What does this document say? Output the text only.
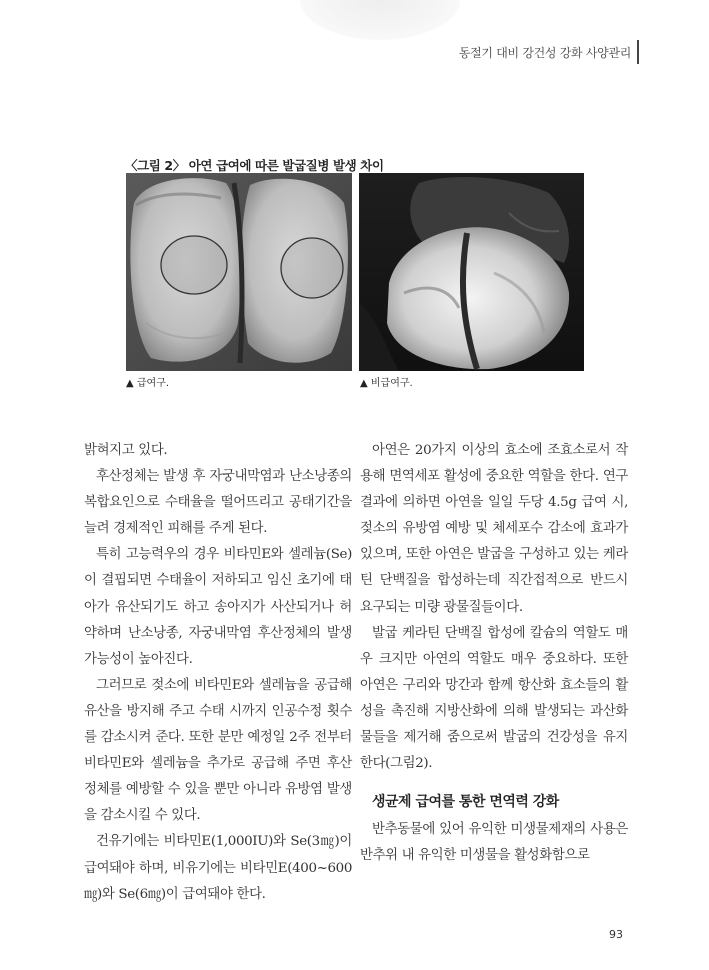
동절기 대비 강건성 강화 사양관리
〈그림 2〉 아연 급여에 따른 발굽질병 발생 차이
▲ 급여구.	▲ 비급여구.

밝혀지고 있다.

후산정체는 발생 후 자궁내막염과 난소낭종의 복합요인으로 수태율을 떨어뜨리고 공태기간을 늘려 경제적인 피해를 주게 된다.

특히 고능력우의 경우 비타민E와 셀레늄(Se)이 결핍되면 수태율이 저하되고 임신 초기에 태아가 유산되기도 하고 송아지가 사산되거나 허약하며 난소낭종, 자궁내막염 후산정체의 발생 가능성이 높아진다.

그러므로 젖소에 비타민E와 셀레늄을 공급해 유산을 방지해 주고 수태 시까지 인공수정 횟수를 감소시켜 준다. 또한 분만 예정일 2주 전부터 비타민E와 셀레늄을 추가로 공급해 주면 후산정체를 예방할 수 있을 뿐만 아니라 유방염 발생을 감소시킬 수 있다.

건유기에는 비타민E(1,000IU)와 Se(3㎎)이 급여돼야 하며, 비유기에는 비타민E(400~600㎎)와 Se(6㎎)이 급여돼야 한다.

아연은 20가지 이상의 효소에 조효소로서 작용해 면역세포 활성에 중요한 역할을 한다. 연구결과에 의하면 아연을 일일 두당 4.5g 급여 시, 젖소의 유방염 예방 및 체세포수 감소에 효과가 있으며, 또한 아연은 발굽을 구성하고 있는 케라틴 단백질을 합성하는데 직간접적으로 반드시 요구되는 미량 광물질들이다.

발굽 케라틴 단백질 합성에 칼슘의 역할도 매우 크지만 아연의 역할도 매우 중요하다. 또한 아연은 구리와 망간과 함께 항산화 효소들의 활성을 촉진해 지방산화에 의해 발생되는 과산화물들을 제거해 줌으로써 발굽의 건강성을 유지한다(그림2).

생균제 급여를 통한 면역력 강화

반추동물에 있어 유익한 미생물제재의 사용은 반추위 내 유익한 미생물을 활성화함으로

93
